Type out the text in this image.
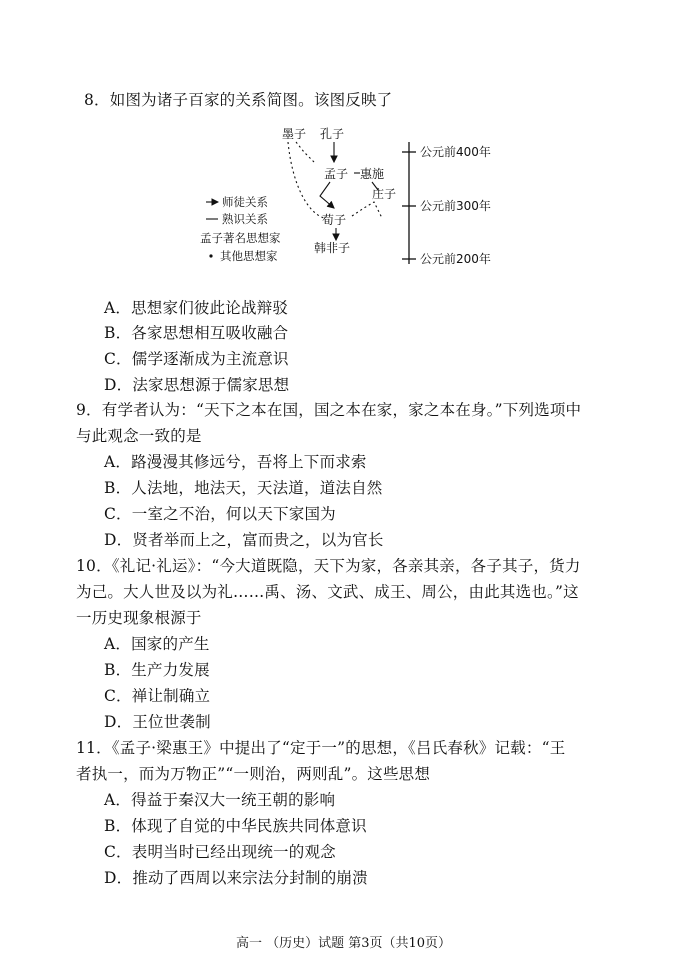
8．如图为诸子百家的关系简图。该图反映了
公元前400年
公元前300年
公元前200年
墨子 孔子
孟子 惠施
庄子
荀子
韩非子
师徒关系
熟识关系
孟子著名思想家
其他思想家
A．思想家们彼此论战辩驳
B．各家思想相互吸收融合
C．儒学逐渐成为主流意识
D．法家思想源于儒家思想
9．有学者认为：“天下之本在国，国之本在家，家之本在身。”下列选项中
与此观念一致的是
A．路漫漫其修远兮，吾将上下而求索
B．人法地，地法天，天法道，道法自然
C．一室之不治，何以天下家国为
D．贤者举而上之，富而贵之，以为官长
10．《礼记·礼运》：“今大道既隐，天下为家，各亲其亲，各子其子，货力
为己。大人世及以为礼……禹、汤、文武、成王、周公，由此其选也。”这
一历史现象根源于
A．国家的产生
B．生产力发展
C．禅让制确立
D．王位世袭制
11．《孟子·梁惠王》中提出了“定于一”的思想，《吕氏春秋》记载：“王
者执一，而为万物正”“一则治，两则乱”。这些思想
A．得益于秦汉大一统王朝的影响
B．体现了自觉的中华民族共同体意识
C．表明当时已经出现统一的观念
D．推动了西周以来宗法分封制的崩溃
高一 （历史）试题 第3页（共10页）
